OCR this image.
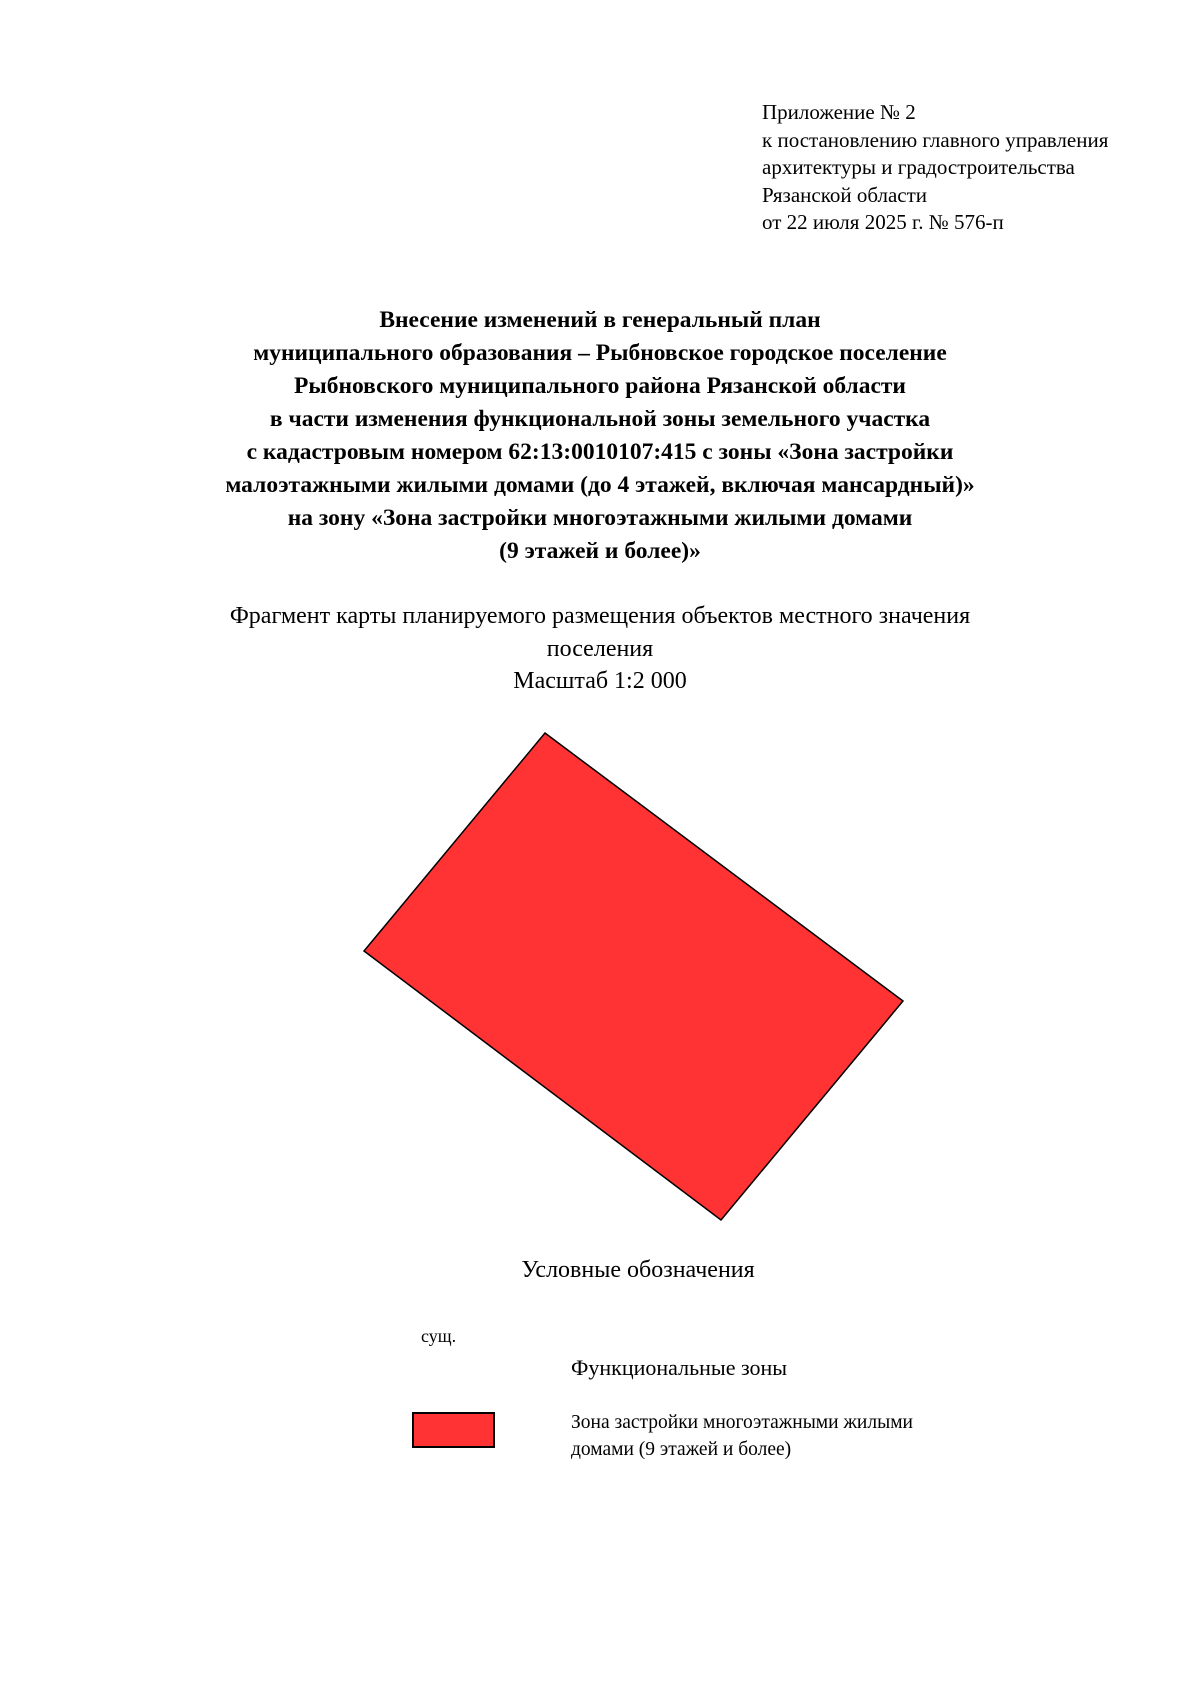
Приложение № 2
к постановлению главного управления
архитектуры и градостроительства
Рязанской области
от 22 июля 2025 г. № 576-п
Внесение изменений в генеральный план
муниципального образования – Рыбновское городское поселение
Рыбновского муниципального района Рязанской области
в части изменения функциональной зоны земельного участка
с кадастровым номером 62:13:0010107:415 с зоны «Зона застройки
малоэтажными жилыми домами (до 4 этажей, включая мансардный)»
на зону «Зона застройки многоэтажными жилыми домами
(9 этажей и более)»
Фрагмент карты планируемого размещения объектов местного значения
поселения
Масштаб 1:2 000
Условные обозначения
сущ.
Функциональные зоны
Зона застройки многоэтажными жилыми
домами (9 этажей и более)
